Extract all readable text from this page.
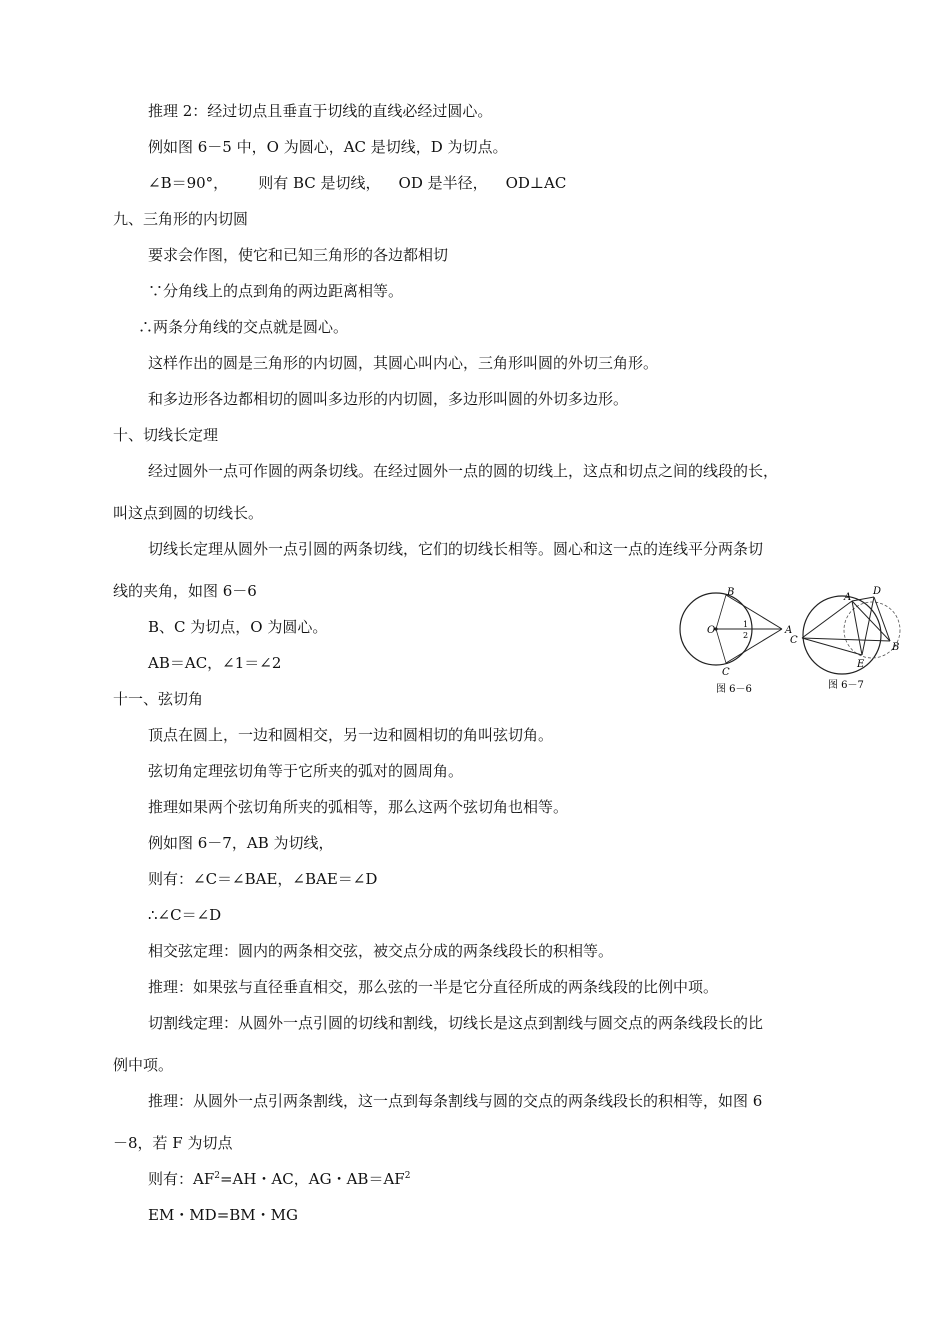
推理 2：经过切点且垂直于切线的直线必经过圆心。
例如图 6－5 中，O 为圆心，AC 是切线，D 为切点。
∠B＝90°， 则有 BC 是切线， OD 是半径， OD⊥AC
九、三角形的内切圆
要求会作图，使它和已知三角形的各边都相切
∵分角线上的点到角的两边距离相等。
∴两条分角线的交点就是圆心。
这样作出的圆是三角形的内切圆，其圆心叫内心，三角形叫圆的外切三角形。
和多边形各边都相切的圆叫多边形的内切圆，多边形叫圆的外切多边形。
十、切线长定理
经过圆外一点可作圆的两条切线。在经过圆外一点的圆的切线上，这点和切点之间的线段的长，
叫这点到圆的切线长。
切线长定理从圆外一点引圆的两条切线，它们的切线长相等。圆心和这一点的连线平分两条切
线的夹角，如图 6－6
B、C 为切点，O 为圆心。
AB＝AC，∠1＝∠2
十一、弦切角
顶点在圆上，一边和圆相交，另一边和圆相切的角叫弦切角。
弦切角定理弦切角等于它所夹的弧对的圆周角。
推理如果两个弦切角所夹的弧相等，那么这两个弦切角也相等。
例如图 6－7，AB 为切线，
则有：∠C＝∠BAE，∠BAE＝∠D
∴∠C＝∠D
相交弦定理：圆内的两条相交弦，被交点分成的两条线段长的积相等。
推理：如果弦与直径垂直相交，那么弦的一半是它分直径所成的两条线段的比例中项。
切割线定理：从圆外一点引圆的切线和割线，切线长是这点到割线与圆交点的两条线段长的比
例中项。
推理：从圆外一点引两条割线，这一点到每条割线与圆的交点的两条线段长的积相等，如图 6
－8，若 F 为切点
则有：$AF^2=AH$・AC，AG・$AB=AF^2$
EM・MD=BM・MG
B
O	A
C
1
2
图 6－6
D
A
C
E
B
图 6－7
